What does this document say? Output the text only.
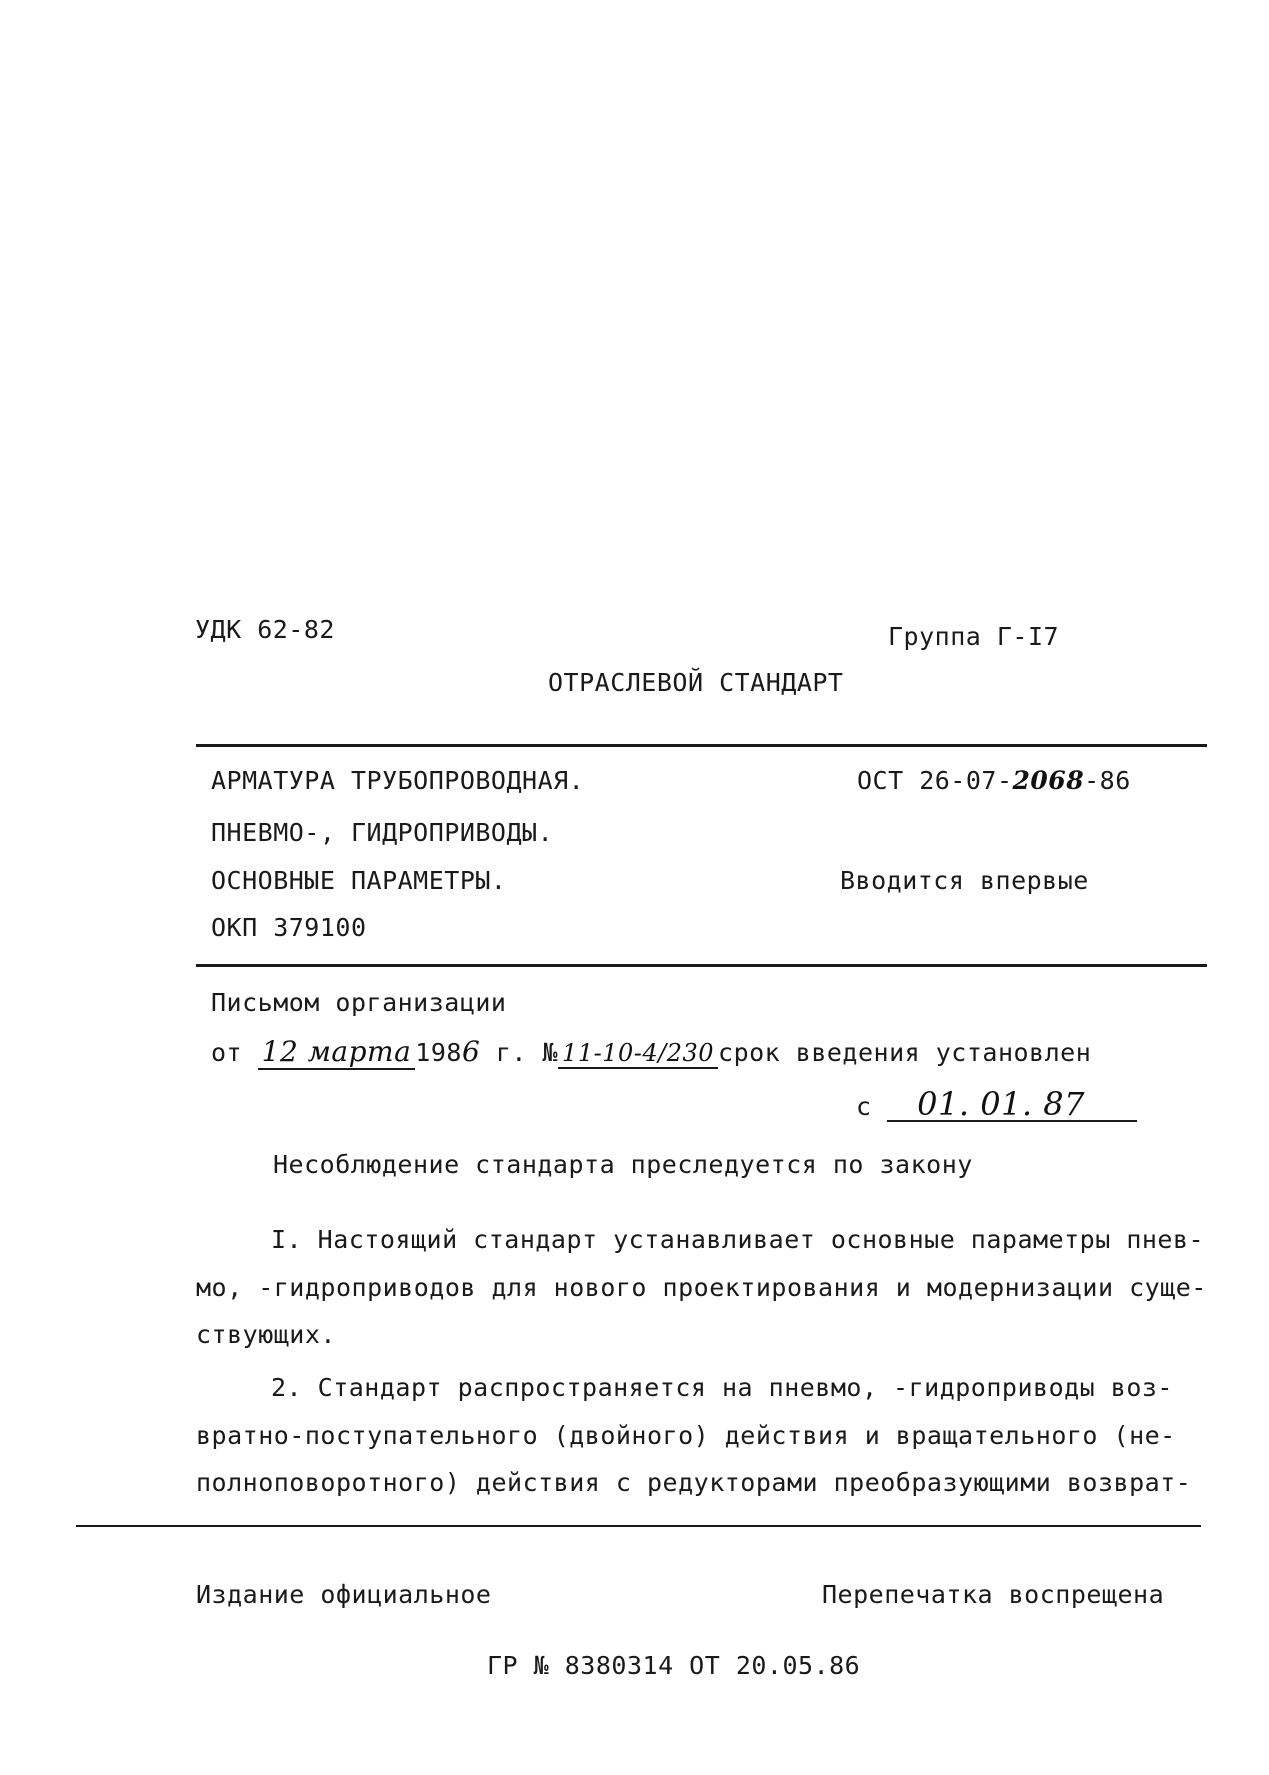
УДК 62-82	Группа Г-I7
ОТРАСЛЕВОЙ СТАНДАРТ
АРМАТУРА ТРУБОПРОВОДНАЯ.
ПНЕВМО-, ГИДРОПРИВОДЫ.
ОСНОВНЫЕ ПАРАМЕТРЫ.
ОКП 379100
ОСТ 26-07-2068-86
Вводится впервые
Письмом организации
от 12 марта 1986 г. № 11-10-4/230 срок введения установлен
с 01. 01. 87
Несоблюдение стандарта преследуется по закону
I. Настоящий стандарт устанавливает основные параметры пнев-
мо, -гидроприводов для нового проектирования и модернизации суще-
ствующих.
2. Стандарт распространяется на пневмо, -гидроприводы воз-
вратно-поступательного (двойного) действия и вращательного (не-
полноповоротного) действия с редукторами преобразующими возврат-
Издание официальное	Перепечатка воспрещена
ГР № 8380314 ОТ 20.05.86
